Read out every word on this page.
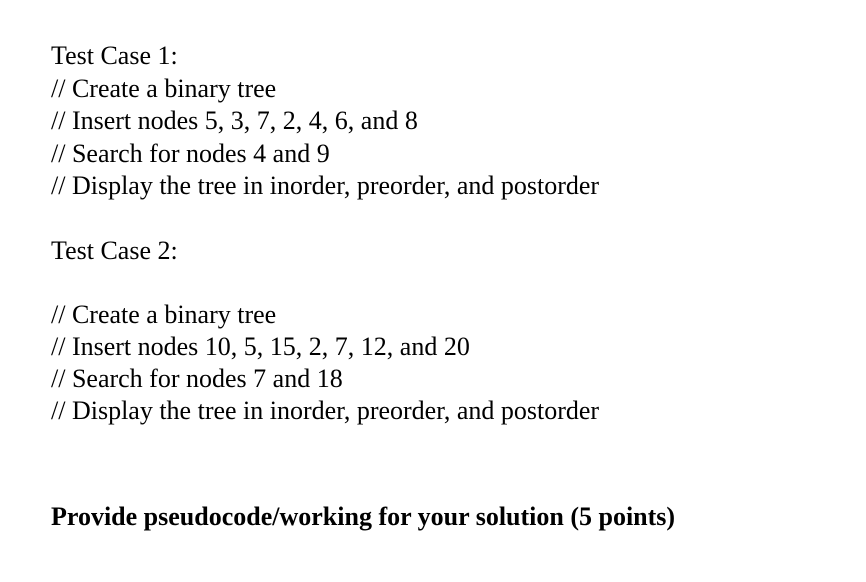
Test Case 1:
// Create a binary tree
// Insert nodes 5, 3, 7, 2, 4, 6, and 8
// Search for nodes 4 and 9
// Display the tree in inorder, preorder, and postorder
Test Case 2:
// Create a binary tree
// Insert nodes 10, 5, 15, 2, 7, 12, and 20
// Search for nodes 7 and 18
// Display the tree in inorder, preorder, and postorder
Provide pseudocode/working for your solution (5 points)
